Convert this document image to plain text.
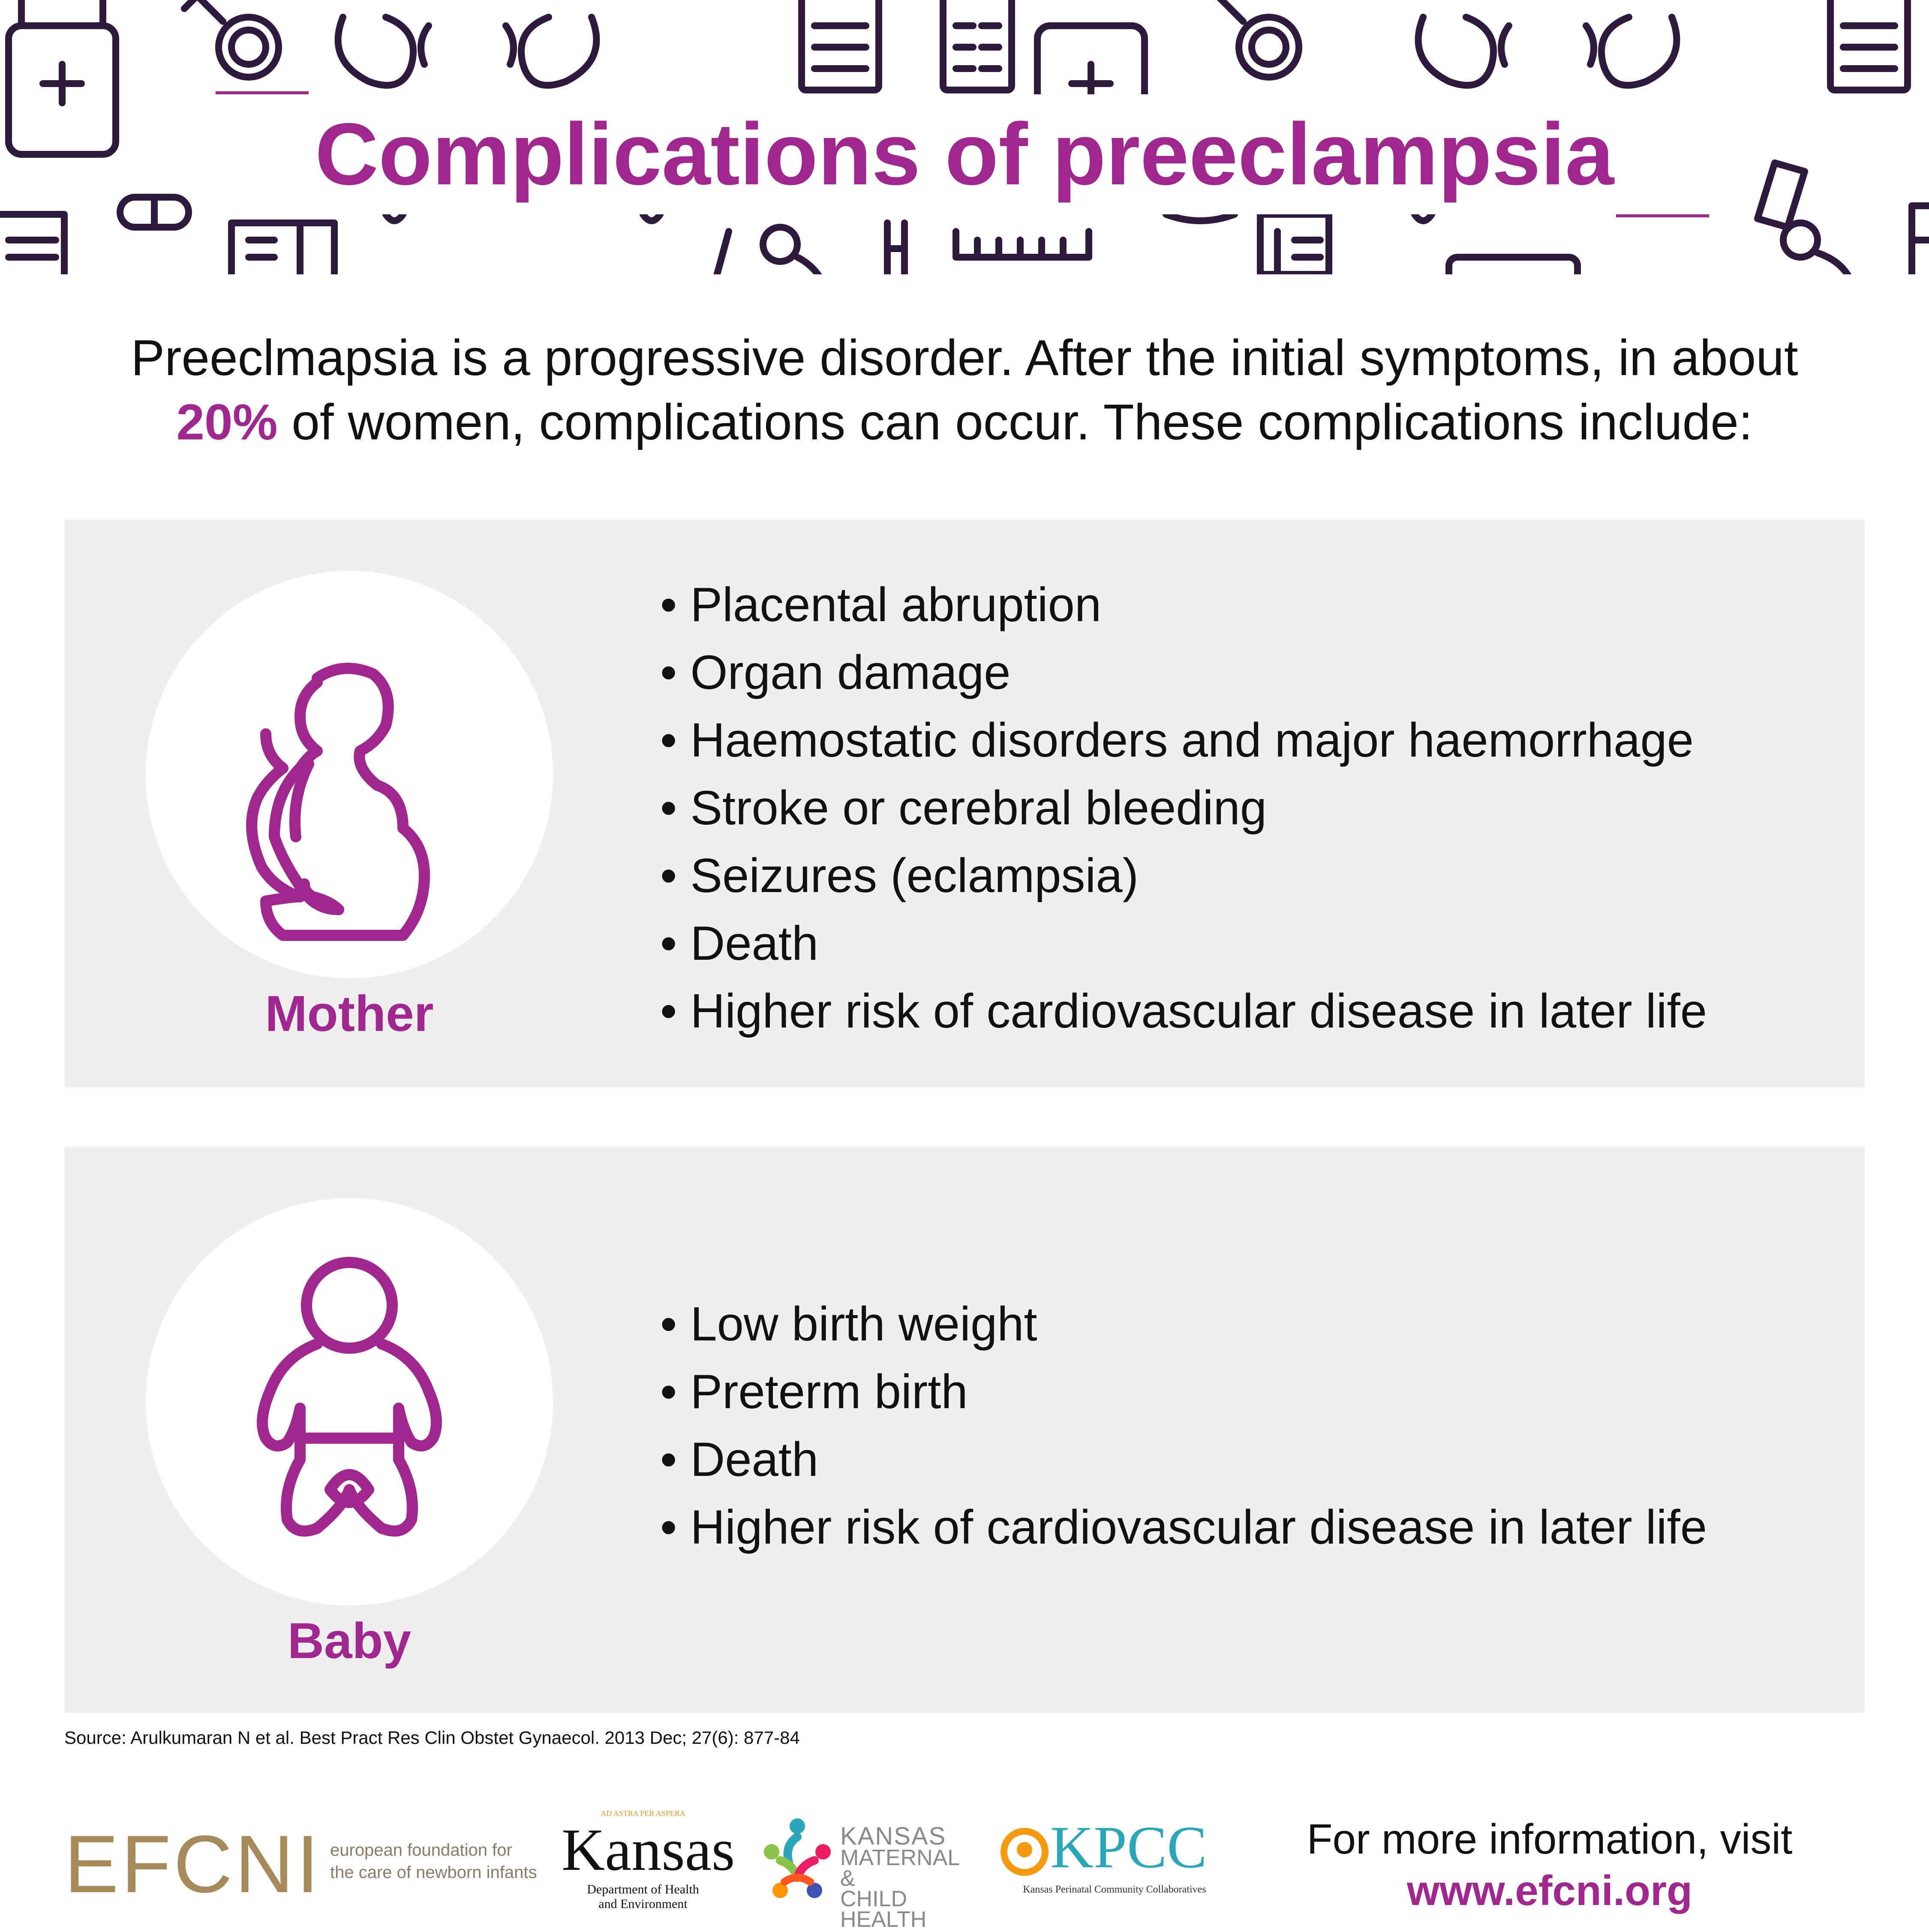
Complications of preeclampsia
Preeclmapsia is a progressive disorder. After the initial symptoms, in about
20% of women, complications can occur. These complications include:
Mother
• Placental abruption
• Organ damage
• Haemostatic disorders and major haemorrhage
• Stroke or cerebral bleeding
• Seizures (eclampsia)
• Death
• Higher risk of cardiovascular disease in later life
Baby
• Low birth weight
• Preterm birth
• Death
• Higher risk of cardiovascular disease in later life
Source: Arulkumaran N et al. Best Pract Res Clin Obstet Gynaecol. 2013 Dec; 27(6): 877-84
EFCNI european foundation for
the care of newborn infants
AD ASTRA PER ASPERA
Kansas
Department of Health
and Environment
KANSAS
MATERNAL &
CHILD HEALTH
KPCC
Kansas Perinatal Community Collaboratives
For more information, visit
www.efcni.org
